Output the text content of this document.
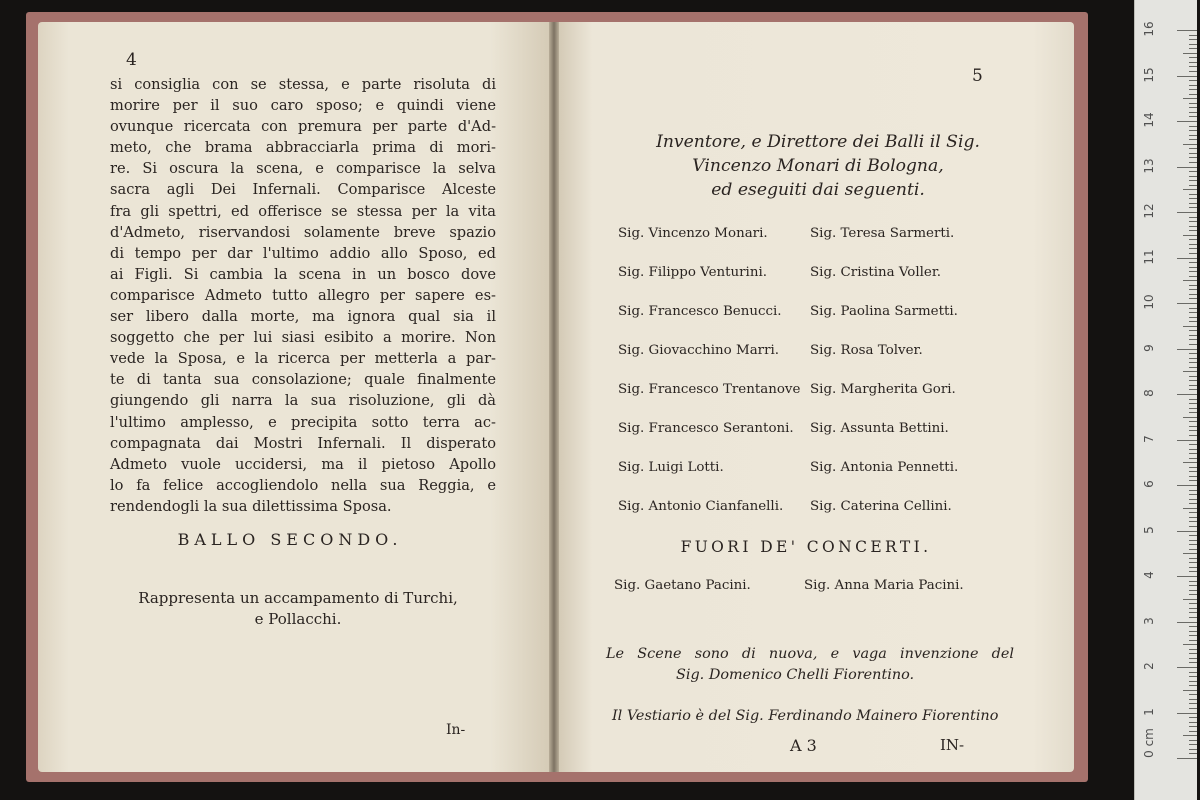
4
si consiglia con se stessa, e parte risoluta di
morire per il suo caro sposo; e quindi viene
ovunque ricercata con premura per parte d'Ad-
meto, che brama abbracciarla prima di mori-
re. Si oscura la scena, e comparisce la selva
sacra agli Dei Infernali. Comparisce Alceste
fra gli spettri, ed offerisce se stessa per la vita
d'Admeto, riservandosi solamente breve spazio
di tempo per dar l'ultimo addio allo Sposo, ed
ai Figli. Si cambia la scena in un bosco dove
comparisce Admeto tutto allegro per sapere es-
ser libero dalla morte, ma ignora qual sia il
soggetto che per lui siasi esibito a morire. Non
vede la Sposa, e la ricerca per metterla a par-
te di tanta sua consolazione; quale finalmente
giungendo gli narra la sua risoluzione, gli dà
l'ultimo amplesso, e precipita sotto terra ac-
compagnata dai Mostri Infernali. Il disperato
Admeto vuole uccidersi, ma il pietoso Apollo
lo fa felice accogliendolo nella sua Reggia, e
rendendogli la sua dilettissima Sposa.
BALLO SECONDO.
Rappresenta un accampamento di Turchi,
e Pollacchi.
In-
5
Inventore, e Direttore dei Balli il Sig.
Vincenzo Monari di Bologna,
ed eseguiti dai seguenti.
Sig. Vincenzo Monari.	Sig. Teresa Sarmerti.
Sig. Filippo Venturini.	Sig. Cristina Voller.
Sig. Francesco Benucci. Sig. Paolina Sarmetti.
Sig. Giovacchino Marri. Sig. Rosa Tolver.
Sig. Francesco Trentanove Sig. Margherita Gori.
Sig. Francesco Serantoni. Sig. Assunta Bettini.
Sig. Luigi Lotti.	Sig. Antonia Pennetti.
Sig. Antonio Cianfanelli. Sig. Caterina Cellini.
FUORI DE' CONCERTI.
Sig. Gaetano Pacini.	Sig. Anna Maria Pacini.
Le Scene sono di nuova, e vaga invenzione del
Sig. Domenico Chelli Fiorentino.
Il Vestiario è del Sig. Ferdinando Mainero Fiorentino
A 3	IN-
16
15
14
13
12
11
10
9
8
7
6
5
4
3
2
1
0 cm
